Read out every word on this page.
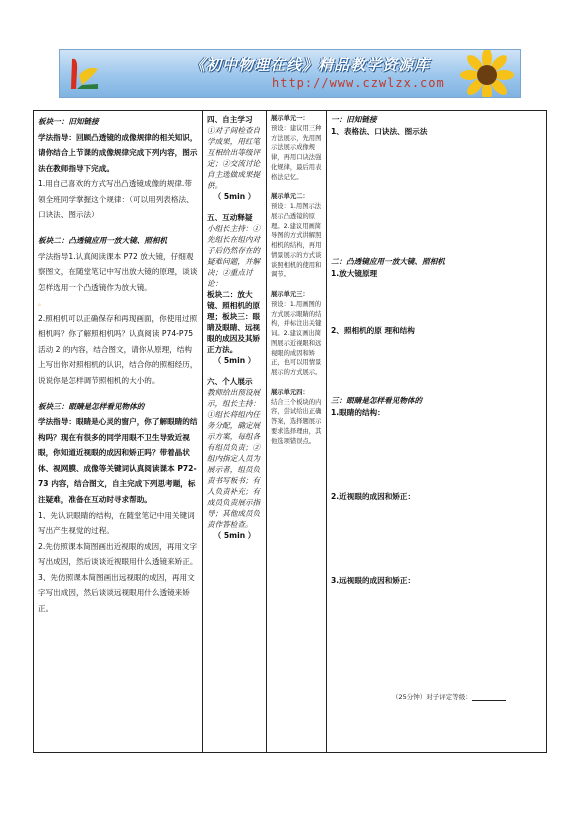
《初中物理在线》精品教学资源库
http://www.czwlzx.com

板块一：旧知链接

学法指导：回顾凸透镜的成像规律的相关知识，请你结合上节课的成像规律完成下列内容，图示法在教师指导下完成。

1.用自己喜欢的方式写出凸透镜成像的规律.带领全班同学掌握这个规律：（可以用列表格法、口诀法、图示法）

板块二：凸透镜应用一放大镜、照相机

学法指导1.认真阅读课本 P72 放大镜，仔细观察图文，在随堂笔记中写出放大镜的原理，谈谈怎样选用一个凸透镜作为放大镜。

。

2.照相机可以正确保存和再现画面，你使用过照相机吗？你了解照相机吗？认真阅读 P74-P75 活动 2 的内容，结合图文，请你从原理，结构上写出你对照相机的认识，结合你的照相经历，说说你是怎样调节照相机的大小的。

板块三：眼睛是怎样看见物体的

学法指导：眼睛是心灵的窗户，你了解眼睛的结构吗？现在有很多的同学用眼不卫生导致近视眼，你知道近视眼的成因和矫正吗？带着晶状体、视网膜、成像等关键词认真阅读课本 P72-73 内容，结合图文，自主完成下列思考题，标注疑难，准备在互动时寻求帮助。

1、先认识眼睛的结构，在随堂笔记中用关键词写出产生视觉的过程。

2.先仿照课本简图画出近视眼的成因，再用文字写出成因，然后谈谈近视眼用什么透镜来矫正。

3、先仿照课本简图画出远视眼的成因，再用文字写出成因，然后谈谈远视眼用什么透镜来矫正。

四、自主学习

①对子间检查自学成果，用红笔互相给出等级评定；②交流讨论自主选做成果提供。

（ 5min ）

五、互动释疑

小组长主持：①先组长在组内对子后仍然存在的疑难问题，并解决；②重点讨论：

板块二：放大镜、照相机的原理；板块三：眼睛及眼睛、远视眼的成因及其矫正方法。

（ 5min ）

六、个人展示

教师给出预设展示，组长主持：①组长将组内任务分配，确定展示方案，每组各有组员负责；②组内指定人员为展示者，组员负责书写板书；有人负责补充；有成员负责展示指导；其他成员负责作答检查。

（ 5min ）

展示单元一：

预设：建议用三种方法展示，先用图示法展示成像规律，再用口诀法强化规律，最后用表格法记忆。

展示单元二：

预设：1.用图示法展示凸透镜的原理。2.建议用画简导图的方式讲解照相机的结构，再用情景展示的方式谈谈照相机的使用和调节。

展示单元三：

预设：1.用画图的方式展示眼睛的结构，并标注出关键词。2.建议画出简图展示近视眼和远视眼的成因和矫正，也可以用情景展示的方式展示。

展示单元四：

结合三个板块的内容，尝试给出正确答案，选择题展示要求选择理由，其他选项错误点。

一：旧知链接

1、表格法、口诀法、图示法

二：凸透镜应用一放大镜、照相机

1.放大镜原理

2、照相机的原 理和结构

三：眼睛是怎样看见物体的

1.眼睛的结构：

2.近视眼的成因和矫正：

3.远视眼的成因和矫正：

（25分钟）对子评定等级：
